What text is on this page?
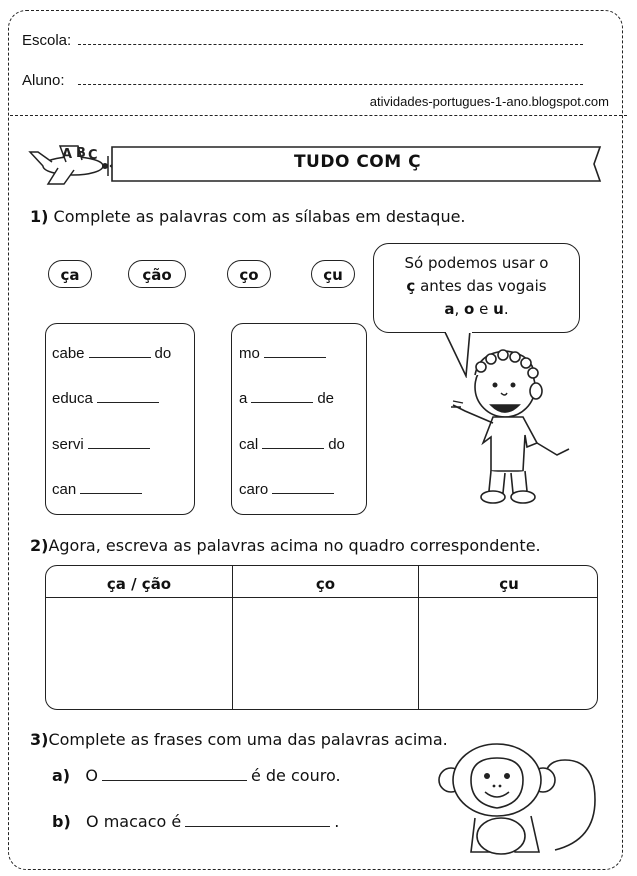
Escola:
Aluno:
atividades-portugues-1-ano.blogspot.com
A B C	TUDO COM Ç
1) Complete as palavras com as sílabas em destaque.
ça	ção	ço	çu
cabe	do
educa
servi
can
mo
a	de
cal	do
caro
Só podemos usar o
ç antes das vogais
a, o e u.
2)Agora, escreva as palavras acima no quadro correspondente.
ça / ção	ço	çu
3)Complete as frases com uma das palavras acima.
a) O	é de couro.
b) O macaco é	.
